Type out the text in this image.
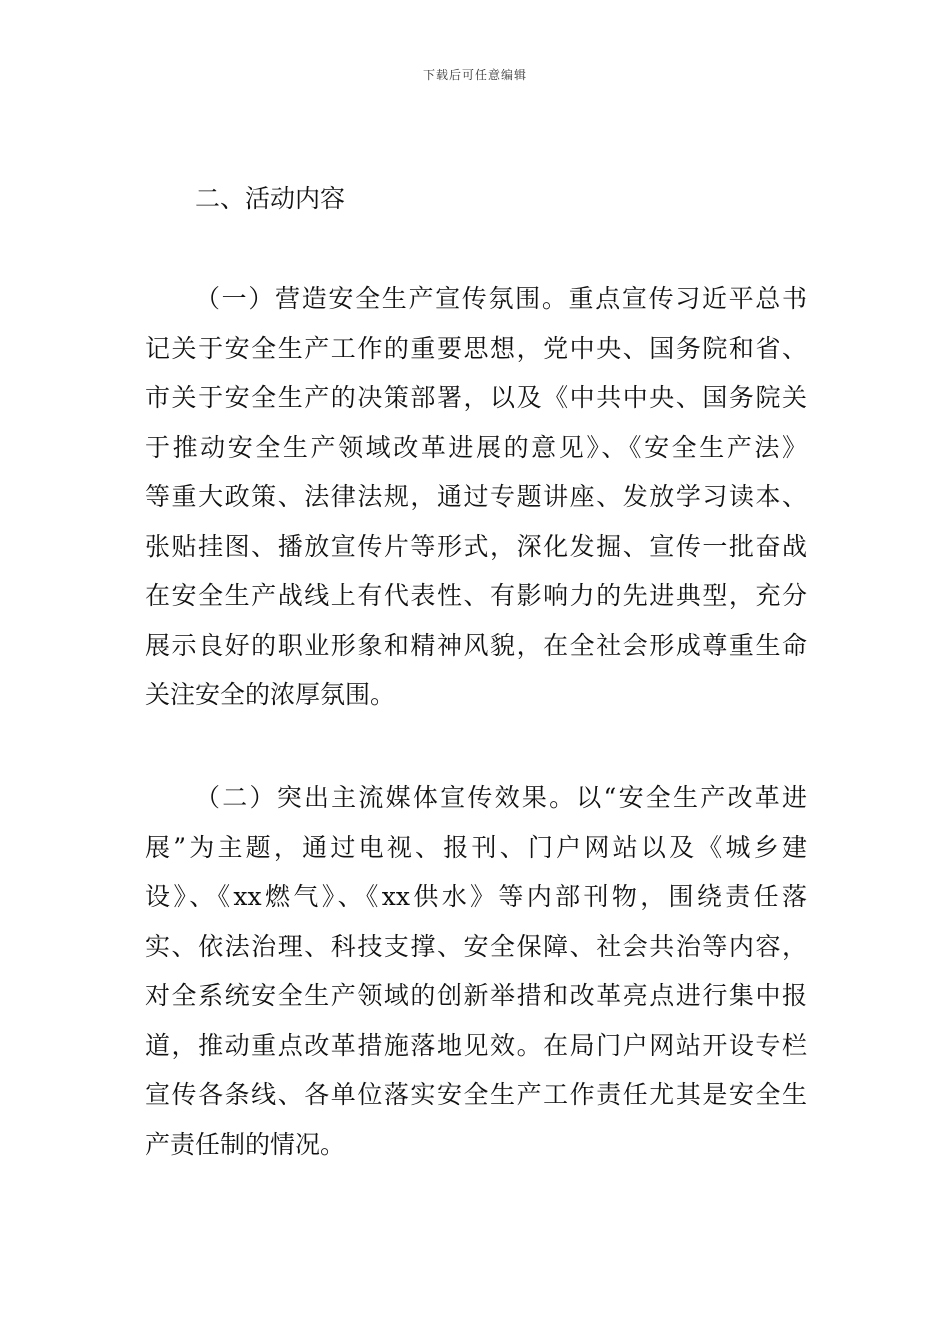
下载后可任意编辑
二、活动内容
（一）营造安全生产宣传氛围。重点宣传习近平总书
记关于安全生产工作的重要思想，党中央、国务院和省、
市关于安全生产的决策部署，以及《中共中央、国务院关
于推动安全生产领域改革进展的意见》、《安全生产法》
等重大政策、法律法规，通过专题讲座、发放学习读本、
张贴挂图、播放宣传片等形式，深化发掘、宣传一批奋战
在安全生产战线上有代表性、有影响力的先进典型，充分
展示良好的职业形象和精神风貌，在全社会形成尊重生命
关注安全的浓厚氛围。
（二）突出主流媒体宣传效果。以“安全生产改革进
展”为主题，通过电视、报刊、门户网站以及《城乡建
设》、《xx燃气》、《xx供水》等内部刊物，围绕责任落
实、依法治理、科技支撑、安全保障、社会共治等内容，
对全系统安全生产领域的创新举措和改革亮点进行集中报
道，推动重点改革措施落地见效。在局门户网站开设专栏
宣传各条线、各单位落实安全生产工作责任尤其是安全生
产责任制的情况。
